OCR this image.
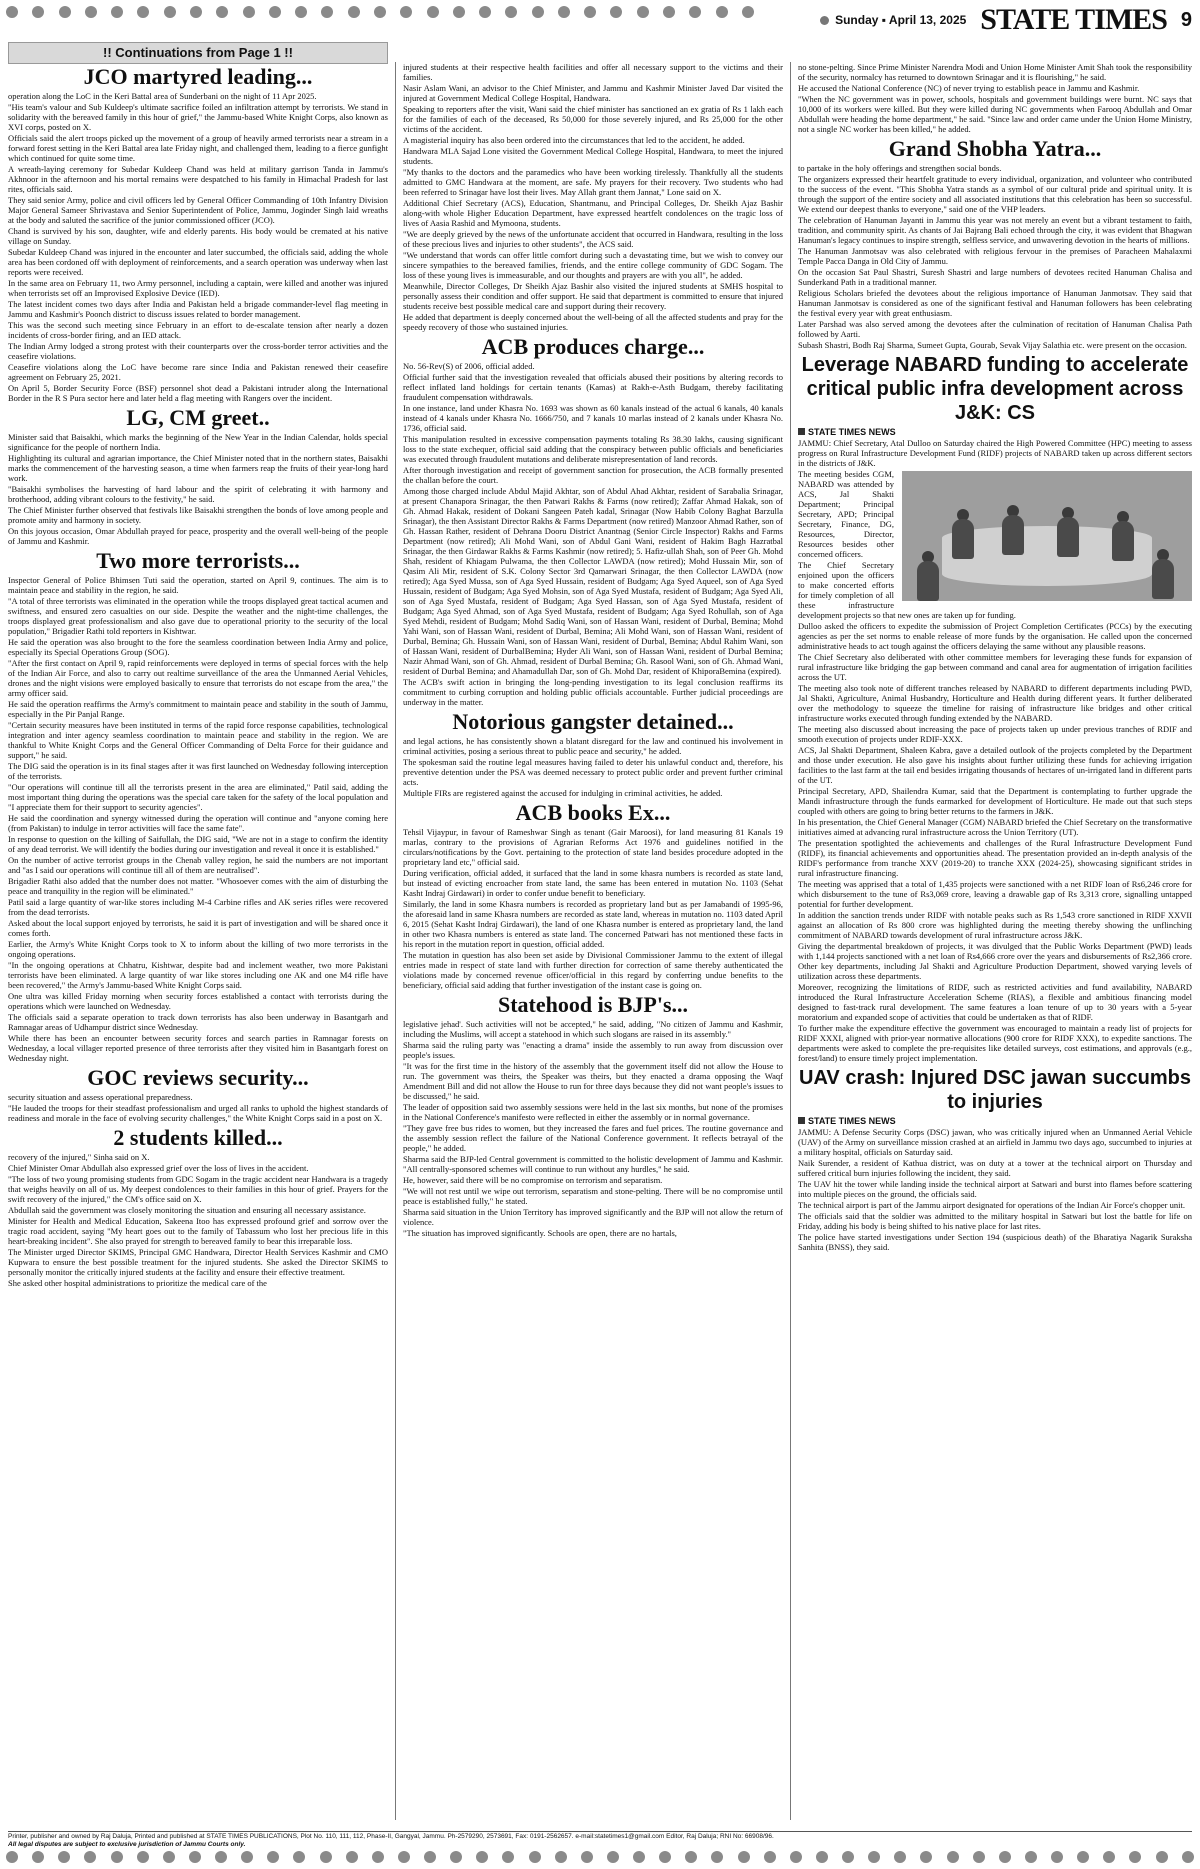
Sunday ▪ April 13, 2025 STATE TIMES 9
!! Continuations from Page 1 !!
JCO martyred leading...
operation along the LoC in the Keri Battal area of Sunderbani on the night of 11 Apr 2025.
"His team's valour and Sub Kuldeep's ultimate sacrifice foiled an infiltration attempt by terrorists. We stand in solidarity with the bereaved family in this hour of grief," the Jammu-based White Knight Corps, also known as XVI corps, posted on X.
Officials said the alert troops picked up the movement of a group of heavily armed terrorists near a stream in a forward forest setting in the Keri Battal area late Friday night, and challenged them, leading to a fierce gunfight which continued for quite some time.
A wreath-laying ceremony for Subedar Kuldeep Chand was held at military garrison Tanda in Jammu's Akhnoor in the afternoon and his mortal remains were despatched to his family in Himachal Pradesh for last rites, officials said.
They said senior Army, police and civil officers led by General Officer Commanding of 10th Infantry Division Major General Sameer Shrivastava and Senior Superintendent of Police, Jammu, Joginder Singh laid wreaths at the body and saluted the sacrifice of the junior commissioned officer (JCO).
Chand is survived by his son, daughter, wife and elderly parents. His body would be cremated at his native village on Sunday.
Subedar Kuldeep Chand was injured in the encounter and later succumbed, the officials said, adding the whole area has been cordoned off with deployment of reinforcements, and a search operation was underway when last reports were received.
In the same area on February 11, two Army personnel, including a captain, were killed and another was injured when terrorists set off an Improvised Explosive Device (IED).
The latest incident comes two days after India and Pakistan held a brigade commander-level flag meeting in Jammu and Kashmir's Poonch district to discuss issues related to border management.
This was the second such meeting since February in an effort to de-escalate tension after nearly a dozen incidents of cross-border firing, and an IED attack.
The Indian Army lodged a strong protest with their counterparts over the cross-border terror activities and the ceasefire violations.
Ceasefire violations along the LoC have become rare since India and Pakistan renewed their ceasefire agreement on February 25, 2021.
On April 5, Border Security Force (BSF) personnel shot dead a Pakistani intruder along the International Border in the R S Pura sector here and later held a flag meeting with Rangers over the incident.
LG, CM greet..
Minister said that Baisakhi, which marks the beginning of the New Year in the Indian Calendar, holds special significance for the people of northern India.
Highlighting its cultural and agrarian importance, the Chief Minister noted that in the northern states, Baisakhi marks the commencement of the harvesting season, a time when farmers reap the fruits of their year-long hard work.
"Baisakhi symbolises the harvesting of hard labour and the spirit of celebrating it with harmony and brotherhood, adding vibrant colours to the festivity," he said.
The Chief Minister further observed that festivals like Baisakhi strengthen the bonds of love among people and promote amity and harmony in society.
On this joyous occasion, Omar Abdullah prayed for peace, prosperity and the overall well-being of the people of Jammu and Kashmir.
Two more terrorists...
Inspector General of Police Bhimsen Tuti said the operation, started on April 9, continues. The aim is to maintain peace and stability in the region, he said.
"A total of three terrorists was eliminated in the operation while the troops displayed great tactical acumen and swiftness, and ensured zero casualties on our side. Despite the weather and the night-time challenges, the troops displayed great professionalism and also gave due to operational priority to the security of the local population," Brigadier Rathi told reporters in Kishtwar.
He said the operation was also brought to the fore the seamless coordination between India Army and police, especially its Special Operations Group (SOG).
"After the first contact on April 9, rapid reinforcements were deployed in terms of special forces with the help of the Indian Air Force, and also to carry out realtime surveillance of the area the Unmanned Aerial Vehicles, drones and the night visions were employed basically to ensure that terrorists do not escape from the area," the army officer said.
He said the operation reaffirms the Army's commitment to maintain peace and stability in the south of Jammu, especially in the Pir Panjal Range.
"Certain security measures have been instituted in terms of the rapid force response capabilities, technological integration and inter agency seamless coordination to maintain peace and stability in the region. We are thankful to White Knight Corps and the General Officer Commanding of Delta Force for their guidance and support," he said.
The DIG said the operation is in its final stages after it was first launched on Wednesday following interception of the terrorists.
"Our operations will continue till all the terrorists present in the area are eliminated," Patil said, adding the most important thing during the operations was the special care taken for the safety of the local population and "I appreciate them for their support to security agencies".
He said the coordination and synergy witnessed during the operation will continue and "anyone coming here (from Pakistan) to indulge in terror activities will face the same fate".
In response to question on the killing of Saifullah, the DIG said, "We are not in a stage to confirm the identity of any dead terrorist. We will identify the bodies during our investigation and reveal it once it is established."
On the number of active terrorist groups in the Chenab valley region, he said the numbers are not important and "as I said our operations will continue till all of them are neutralised".
Brigadier Rathi also added that the number does not matter. "Whosoever comes with the aim of disturbing the peace and tranquility in the region will be eliminated."
Patil said a large quantity of war-like stores including M-4 Carbine rifles and AK series rifles were recovered from the dead terrorists.
Asked about the local support enjoyed by terrorists, he said it is part of investigation and will be shared once it comes forth.
Earlier, the Army's White Knight Corps took to X to inform about the killing of two more terrorists in the ongoing operations.
"In the ongoing operations at Chhatru, Kishtwar, despite bad and inclement weather, two more Pakistani terrorists have been eliminated. A large quantity of war like stores including one AK and one M4 rifle have been recovered," the Army's Jammu-based White Knight Corps said.
One ultra was killed Friday morning when security forces established a contact with terrorists during the operations which were launched on Wednesday.
The officials said a separate operation to track down terrorists has also been underway in Basantgarh and Ramnagar areas of Udhampur district since Wednesday.
While there has been an encounter between security forces and search parties in Ramnagar forests on Wednesday, a local villager reported presence of three terrorists after they visited him in Basantgarh forest on Wednesday night.
GOC reviews security...
security situation and assess operational preparedness.
"He lauded the troops for their steadfast professionalism and urged all ranks to uphold the highest standards of readiness and morale in the face of evolving security challenges," the White Knight Corps said in a post on X.
2 students killed...
recovery of the injured," Sinha said on X.
Chief Minister Omar Abdullah also expressed grief over the loss of lives in the accident.
"The loss of two young promising students from GDC Sogam in the tragic accident near Handwara is a tragedy that weighs heavily on all of us. My deepest condolences to their families in this hour of grief. Prayers for the swift recovery of the injured," the CM's office said on X.
Abdullah said the government was closely monitoring the situation and ensuring all necessary assistance.
Minister for Health and Medical Education, Sakeena Itoo has expressed profound grief and sorrow over the tragic road accident, saying "My heart goes out to the family of Tabassum who lost her precious life in this heart-breaking incident". She also prayed for strength to bereaved family to bear this irreparable loss.
The Minister urged Director SKIMS, Principal GMC Handwara, Director Health Services Kashmir and CMO Kupwara to ensure the best possible treatment for the injured students. She asked the Director SKIMS to personally monitor the critically injured students at the facility and ensure their effective treatment.
She asked other hospital administrations to prioritize the medical care of the
injured students at their respective health facilities and offer all necessary support to the victims and their families.
Nasir Aslam Wani, an advisor to the Chief Minister, and Jammu and Kashmir Minister Javed Dar visited the injured at Government Medical College Hospital, Handwara.
Speaking to reporters after the visit, Wani said the chief minister has sanctioned an ex gratia of Rs 1 lakh each for the families of each of the deceased, Rs 50,000 for those severely injured, and Rs 25,000 for the other victims of the accident.
A magisterial inquiry has also been ordered into the circumstances that led to the accident, he added.
Handwara MLA Sajad Lone visited the Government Medical College Hospital, Handwara, to meet the injured students.
"My thanks to the doctors and the paramedics who have been working tirelessly. Thankfully all the students admitted to GMC Handwara at the moment, are safe. My prayers for their recovery. Two students who had been referred to Srinagar have lost their lives. May Allah grant them Jannat," Lone said on X.
Additional Chief Secretary (ACS), Education, Shantmanu, and Principal Colleges, Dr. Sheikh Ajaz Bashir along-with whole Higher Education Department, have expressed heartfelt condolences on the tragic loss of lives of Aasia Rashid and Mymoona, students.
"We are deeply grieved by the news of the unfortunate accident that occurred in Handwara, resulting in the loss of these precious lives and injuries to other students", the ACS said.
"We understand that words can offer little comfort during such a devastating time, but we wish to convey our sincere sympathies to the bereaved families, friends, and the entire college community of GDC Sogam. The loss of these young lives is immeasurable, and our thoughts and prayers are with you all", he added.
Meanwhile, Director Colleges, Dr Sheikh Ajaz Bashir also visited the injured students at SMHS hospital to personally assess their condition and offer support. He said that department is committed to ensure that injured students receive best possible medical care and support during their recovery.
He added that department is deeply concerned about the well-being of all the affected students and pray for the speedy recovery of those who sustained injuries.
ACB produces charge...
No. 56-Rev(S) of 2006, official added.
Official further said that the investigation revealed that officials abused their positions by altering records to reflect inflated land holdings for certain tenants (Kamas) at Rakh-e-Asth Budgam, thereby facilitating fraudulent compensation withdrawals.
In one instance, land under Khasra No. 1693 was shown as 60 kanals instead of the actual 6 kanals, 40 kanals instead of 4 kanals under Khasra No. 1666/750, and 7 kanals 10 marlas instead of 2 kanals under Khasra No. 1736, official said.
This manipulation resulted in excessive compensation payments totaling Rs 38.30 lakhs, causing significant loss to the state exchequer, official said adding that the conspiracy between public officials and beneficiaries was executed through fraudulent mutations and deliberate misrepresentation of land records.
After thorough investigation and receipt of government sanction for prosecution, the ACB formally presented the challan before the court.
Among those charged include Abdul Majid Akhtar, son of Abdul Ahad Akhtar, resident of Sarabalia Srinagar, at present Chanapora Srinagar, the then Patwari Rakhs & Farms (now retired); Zaffar Ahmad Hakak, son of Gh. Ahmad Hakak, resident of Dokani Sangeen Pateh kadal, Srinagar (Now Habib Colony Baghat Barzulla Srinagar), the then Assistant Director Rakhs & Farms Department (now retired) Manzoor Ahmad Rather, son of Gh. Hassan Rather, resident of Dehrana Dooru District Anantnag (Senior Circle Inspector) Rakhs and Farms Department (now retired); Ali Mohd Wani, son of Abdul Gani Wani, resident of Hakim Bagh Hazratbal Srinagar, the then Girdawar Rakhs & Farms Kashmir (now retired); 5. Hafiz-ullah Shah, son of Peer Gh. Mohd Shah, resident of Khiagam Pulwama, the then Collector LAWDA (now retired); Mohd Hussain Mir, son of Qasim Ali Mir, resident of S.K. Colony Sector 3rd Qamarwari Srinagar, the then Collector LAWDA (now retired); Aga Syed Mussa, son of Aga Syed Hussain, resident of Budgam; Aga Syed Aqueel, son of Aga Syed Hussain, resident of Budgam; Aga Syed Mohsin, son of Aga Syed Mustafa, resident of Budgam; Aga Syed Ali, son of Aga Syed Mustafa, resident of Budgam; Aga Syed Hassan, son of Aga Syed Mustafa, resident of Budgam; Aga Syed Ahmad, son of Aga Syed Mustafa, resident of Budgam; Aga Syed Rohullah, son of Aga Syed Mehdi, resident of Budgam; Mohd Sadiq Wani, son of Hassan Wani, resident of Durbal, Bemina; Mohd Yahi Wani, son of Hassan Wani, resident of Durbal, Bemina; Ali Mohd Wani, son of Hassan Wani, resident of Durbal, Bemina; Gh. Hussain Wani, son of Hassan Wani, resident of Durbal, Bemina; Abdul Rahim Wani, son of Hassan Wani, resident of DurbalBemina; Hyder Ali Wani, son of Hassan Wani, resident of Durbal Bemina; Nazir Ahmad Wani, son of Gh. Ahmad, resident of Durbal Bemina; Gh. Rasool Wani, son of Gh. Ahmad Wani, resident of Durbal Bemina; and Ahamadullah Dar, son of Gh. Mohd Dar, resident of KhiporaBemina (expired).
The ACB's swift action in bringing the long-pending investigation to its legal conclusion reaffirms its commitment to curbing corruption and holding public officials accountable. Further judicial proceedings are underway in the matter.
Notorious gangster detained...
and legal actions, he has consistently shown a blatant disregard for the law and continued his involvement in criminal activities, posing a serious threat to public peace and security," he added.
The spokesman said the routine legal measures having failed to deter his unlawful conduct and, therefore, his preventive detention under the PSA was deemed necessary to protect public order and prevent further criminal acts.
Multiple FIRs are registered against the accused for indulging in criminal activities, he added.
ACB books Ex...
Tehsil Vijaypur, in favour of Rameshwar Singh as tenant (Gair Maroosi), for land measuring 81 Kanals 19 marlas, contrary to the provisions of Agrarian Reforms Act 1976 and guidelines notified in the circulars/notifications by the Govt. pertaining to the protection of state land besides procedure adopted in the proprietary land etc," official said.
During verification, official added, it surfaced that the land in some khasra numbers is recorded as state land, but instead of evicting encroacher from state land, the same has been entered in mutation No. 1103 (Sehat Kasht Indraj Girdawari) in order to confer undue benefit to beneficiary.
Similarly, the land in some Khasra numbers is recorded as proprietary land but as per Jamabandi of 1995-96, the aforesaid land in same Khasra numbers are recorded as state land, whereas in mutation no. 1103 dated April 6, 2015 (Sehat Kasht Indraj Girdawari), the land of one Khasra number is entered as proprietary land, the land in other two Khasra numbers is entered as state land. The concerned Patwari has not mentioned these facts in his report in the mutation report in question, official added.
The mutation in question has also been set aside by Divisional Commissioner Jammu to the extent of illegal entries made in respect of state land with further direction for correction of same thereby authenticated the violations made by concerned revenue officer/official in this regard by conferring undue benefits to the beneficiary, official said adding that further investigation of the instant case is going on.
Statehood is BJP's...
legislative jehad'. Such activities will not be accepted," he said, adding, "No citizen of Jammu and Kashmir, including the Muslims, will accept a statehood in which such slogans are raised in its assembly."
Sharma said the ruling party was "enacting a drama" inside the assembly to run away from discussion over people's issues.
"It was for the first time in the history of the assembly that the government itself did not allow the House to run. The government was theirs, the Speaker was theirs, but they enacted a drama opposing the Waqf Amendment Bill and did not allow the House to run for three days because they did not want people's issues to be discussed," he said.
The leader of opposition said two assembly sessions were held in the last six months, but none of the promises in the National Conference's manifesto were reflected in either the assembly or in normal governance.
"They gave free bus rides to women, but they increased the fares and fuel prices. The routine governance and the assembly session reflect the failure of the National Conference government. It reflects betrayal of the people," he added.
Sharma said the BJP-led Central government is committed to the holistic development of Jammu and Kashmir. "All centrally-sponsored schemes will continue to run without any hurdles," he said.
He, however, said there will be no compromise on terrorism and separatism.
"We will not rest until we wipe out terrorism, separatism and stone-pelting. There will be no compromise until peace is established fully," he stated.
Sharma said situation in the Union Territory has improved significantly and the BJP will not allow the return of violence.
"The situation has improved significantly. Schools are open, there are no hartals,
no stone-pelting. Since Prime Minister Narendra Modi and Union Home Minister Amit Shah took the responsibility of the security, normalcy has returned to downtown Srinagar and it is flourishing," he said.
He accused the National Conference (NC) of never trying to establish peace in Jammu and Kashmir.
"When the NC government was in power, schools, hospitals and government buildings were burnt. NC says that 10,000 of its workers were killed. But they were killed during NC governments when Farooq Abdullah and Omar Abdullah were heading the home department," he said. "Since law and order came under the Union Home Ministry, not a single NC worker has been killed," he added.
Grand Shobha Yatra...
to partake in the holy offerings and strengthen social bonds.
The organizers expressed their heartfelt gratitude to every individual, organization, and volunteer who contributed to the success of the event. "This Shobha Yatra stands as a symbol of our cultural pride and spiritual unity. It is through the support of the entire society and all associated institutions that this celebration has been so successful. We extend our deepest thanks to everyone," said one of the VHP leaders.
The celebration of Hanuman Jayanti in Jammu this year was not merely an event but a vibrant testament to faith, tradition, and community spirit. As chants of Jai Bajrang Bali echoed through the city, it was evident that Bhagwan Hanuman's legacy continues to inspire strength, selfless service, and unwavering devotion in the hearts of millions.
The Hanuman Janmotsav was also celebrated with religious fervour in the premises of Paracheen Mahalaxmi Temple Pacca Danga in Old City of Jammu.
On the occasion Sat Paul Shastri, Suresh Shastri and large numbers of devotees recited Hanuman Chalisa and Sunderkand Path in a traditional manner.
Religious Scholars briefed the devotees about the religious importance of Hanuman Janmotsav. They said that Hanuman Janmotsav is considered as one of the significant festival and Hanuman followers has been celebrating the festival every year with great enthusiasm.
Later Parshad was also served among the devotees after the culmination of recitation of Hanuman Chalisa Path followed by Aarti.
Subash Shastri, Bodh Raj Sharma, Sumeet Gupta, Gourab, Sevak Vijay Salathia etc. were present on the occasion.
Leverage NABARD funding to accelerate critical public infra development across J&K: CS
STATE TIMES NEWS
JAMMU: Chief Secretary, Atal Dulloo on Saturday chaired the High Powered Committee (HPC) meeting to assess progress on Rural Infrastructure Development Fund (RIDF) projects of NABARD taken up across different sectors in the districts of J&K.
The meeting besides CGM, NABARD was attended by ACS, Jal Shakti Department; Principal Secretary, APD; Principal Secretary, Finance, DG, Resources, Director, Resources besides other concerned officers.
The Chief Secretary enjoined upon the officers to make concerted efforts for timely completion of all these infrastructure development projects so that new ones are taken up for funding.
Dulloo asked the officers to expedite the submission of Project Completion Certificates (PCCs) by the executing agencies as per the set norms to enable release of more funds by the organisation. He called upon the concerned administrative heads to act tough against the officers delaying the same without any plausible reasons.
The Chief Secretary also deliberated with other committee members for leveraging these funds for expansion of rural infrastructure like bridging the gap between command and canal area for augmentation of irrigation facilities across the UT.
The meeting also took note of different tranches released by NABARD to different departments including PWD, Jal Shakti, Agriculture, Animal Husbandry, Horticulture and Health during different years. It further deliberated over the methodology to squeeze the timeline for raising of infrastructure like bridges and other critical infrastructure works executed through funding extended by the NABARD.
The meeting also discussed about increasing the pace of projects taken up under previous tranches of RDIF and smooth execution of projects under RDIF-XXX.
ACS, Jal Shakti Department, Shaleen Kabra, gave a detailed outlook of the projects completed by the Department and those under execution. He also gave his insights about further utilizing these funds for achieving irrigation facilities to the last farm at the tail end besides irrigating thousands of hectares of un-irrigated land in different parts of the UT.
Principal Secretary, APD, Shailendra Kumar, said that the Department is contemplating to further upgrade the Mandi infrastructure through the funds earmarked for development of Horticulture. He made out that such steps coupled with others are going to bring better returns to the farmers in J&K.
In his presentation, the Chief General Manager (CGM) NABARD briefed the Chief Secretary on the transformative initiatives aimed at advancing rural infrastructure across the Union Territory (UT).
The presentation spotlighted the achievements and challenges of the Rural Infrastructure Development Fund (RIDF), its financial achievements and opportunities ahead. The presentation provided an in-depth analysis of the RIDF's performance from tranche XXV (2019-20) to tranche XXX (2024-25), showcasing significant strides in rural infrastructure financing.
The meeting was apprised that a total of 1,435 projects were sanctioned with a net RIDF loan of Rs6,246 crore for which disbursement to the tune of Rs3,069 crore, leaving a drawable gap of Rs 3,313 crore, signalling untapped potential for further development.
In addition the sanction trends under RIDF with notable peaks such as Rs 1,543 crore sanctioned in RIDF XXVII against an allocation of Rs 800 crore was highlighted during the meeting thereby showing the unflinching commitment of NABARD towards development of rural infrastructure across J&K.
Giving the departmental breakdown of projects, it was divulged that the Public Works Department (PWD) leads with 1,144 projects sanctioned with a net loan of Rs4,666 crore over the years and disbursements of Rs2,366 crore. Other key departments, including Jal Shakti and Agriculture Production Department, showed varying levels of utilization across these departments.
Moreover, recognizing the limitations of RIDF, such as restricted activities and fund availability, NABARD introduced the Rural Infrastructure Acceleration Scheme (RIAS), a flexible and ambitious financing model designed to fast-track rural development. The same features a loan tenure of up to 30 years with a 5-year moratorium and expanded scope of activities that could be undertaken as that of RIDF.
To further make the expenditure effective the government was encouraged to maintain a ready list of projects for RIDF XXXI, aligned with prior-year normative allocations (900 crore for RIDF XXX), to expedite sanctions. The departments were asked to complete the pre-requisites like detailed surveys, cost estimations, and approvals (e.g., forest/land) to ensure timely project implementation.
UAV crash: Injured DSC jawan succumbs to injuries
STATE TIMES NEWS
JAMMU: A Defense Security Corps (DSC) jawan, who was critically injured when an Unmanned Aerial Vehicle (UAV) of the Army on surveillance mission crashed at an airfield in Jammu two days ago, succumbed to injuries at a military hospital, officials on Saturday said.
Naik Surender, a resident of Kathua district, was on duty at a tower at the technical airport on Thursday and suffered critical burn injuries following the incident, they said.
The UAV hit the tower while landing inside the technical airport at Satwari and burst into flames before scattering into multiple pieces on the ground, the officials said.
The technical airport is part of the Jammu airport designated for operations of the Indian Air Force's chopper unit.
The officials said that the soldier was admitted to the military hospital in Satwari but lost the battle for life on Friday, adding his body is being shifted to his native place for last rites.
The police have started investigations under Section 194 (suspicious death) of the Bharatiya Nagarik Suraksha Sanhita (BNSS), they said.
Printer, publisher and owned by Raj Daluja, Printed and published at STATE TIMES PUBLICATIONS, Plot No. 110, 111, 112, Phase-II, Gangyal, Jammu. Ph-2579290, 2573691, Fax: 0191-2562657. e-mail:statetimes1@gmail.com Editor, Raj Daluja; RNI No: 66908/96.
All legal disputes are subject to exclusive jurisdiction of Jammu Courts only.
